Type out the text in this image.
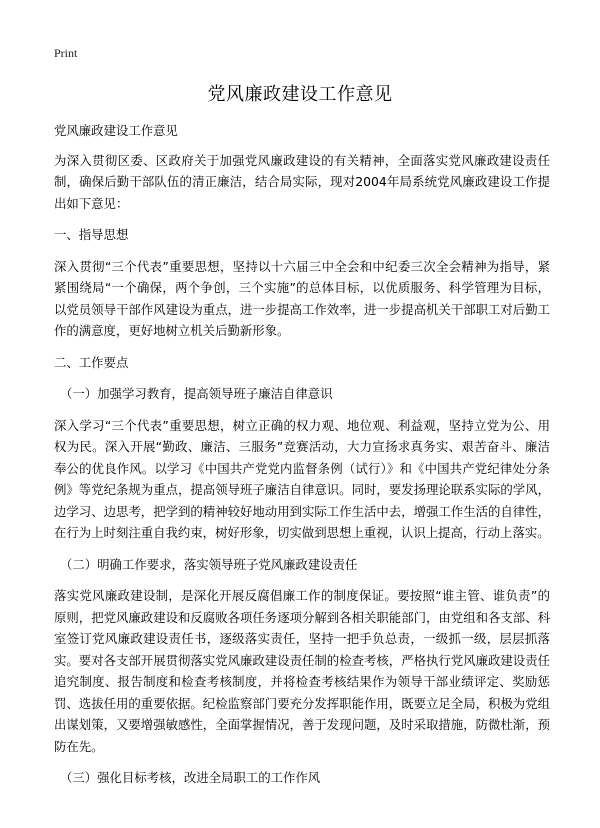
Print
党风廉政建设工作意见

党风廉政建设工作意见

为深入贯彻区委、区政府关于加强党风廉政建设的有关精神，全面落实党风廉政建设责任制，确保后勤干部队伍的清正廉洁，结合局实际，现对2004年局系统党风廉政建设工作提出如下意见：

一、指导思想

深入贯彻“三个代表”重要思想，坚持以十六届三中全会和中纪委三次全会精神为指导，紧紧围绕局“一个确保，两个争创，三个实施”的总体目标，以优质服务、科学管理为目标，以党员领导干部作风建设为重点，进一步提高工作效率，进一步提高机关干部职工对后勤工作的满意度，更好地树立机关后勤新形象。

二、工作要点

（一）加强学习教育，提高领导班子廉洁自律意识

深入学习“三个代表”重要思想，树立正确的权力观、地位观、利益观，坚持立党为公、用权为民。深入开展“勤政、廉洁、三服务”竞赛活动，大力宣扬求真务实、艰苦奋斗、廉洁奉公的优良作风。以学习《中国共产党党内监督条例（试行）》和《中国共产党纪律处分条例》等党纪条规为重点，提高领导班子廉洁自律意识。同时，要发扬理论联系实际的学风，边学习、边思考，把学到的精神较好地动用到实际工作生活中去，增强工作生活的自律性，在行为上时刻注重自我约束，树好形象，切实做到思想上重视，认识上提高，行动上落实。

（二）明确工作要求，落实领导班子党风廉政建设责任

落实党风廉政建设制，是深化开展反腐倡廉工作的制度保证。要按照“谁主管、谁负责”的原则，把党风廉政建设和反腐败各项任务逐项分解到各相关职能部门，由党组和各支部、科室签订党风廉政建设责任书，逐级落实责任，坚持一把手负总责，一级抓一级，层层抓落实。要对各支部开展贯彻落实党风廉政建设责任制的检查考核，严格执行党风廉政建设责任追究制度、报告制度和检查考核制度，并将检查考核结果作为领导干部业绩评定、奖励惩罚、选拔任用的重要依据。纪检监察部门要充分发挥职能作用，既要立足全局，积极为党组出谋划策，又要增强敏感性，全面掌握情况，善于发现问题，及时采取措施，防微杜渐，预防在先。

（三）强化目标考核，改进全局职工的工作作风
